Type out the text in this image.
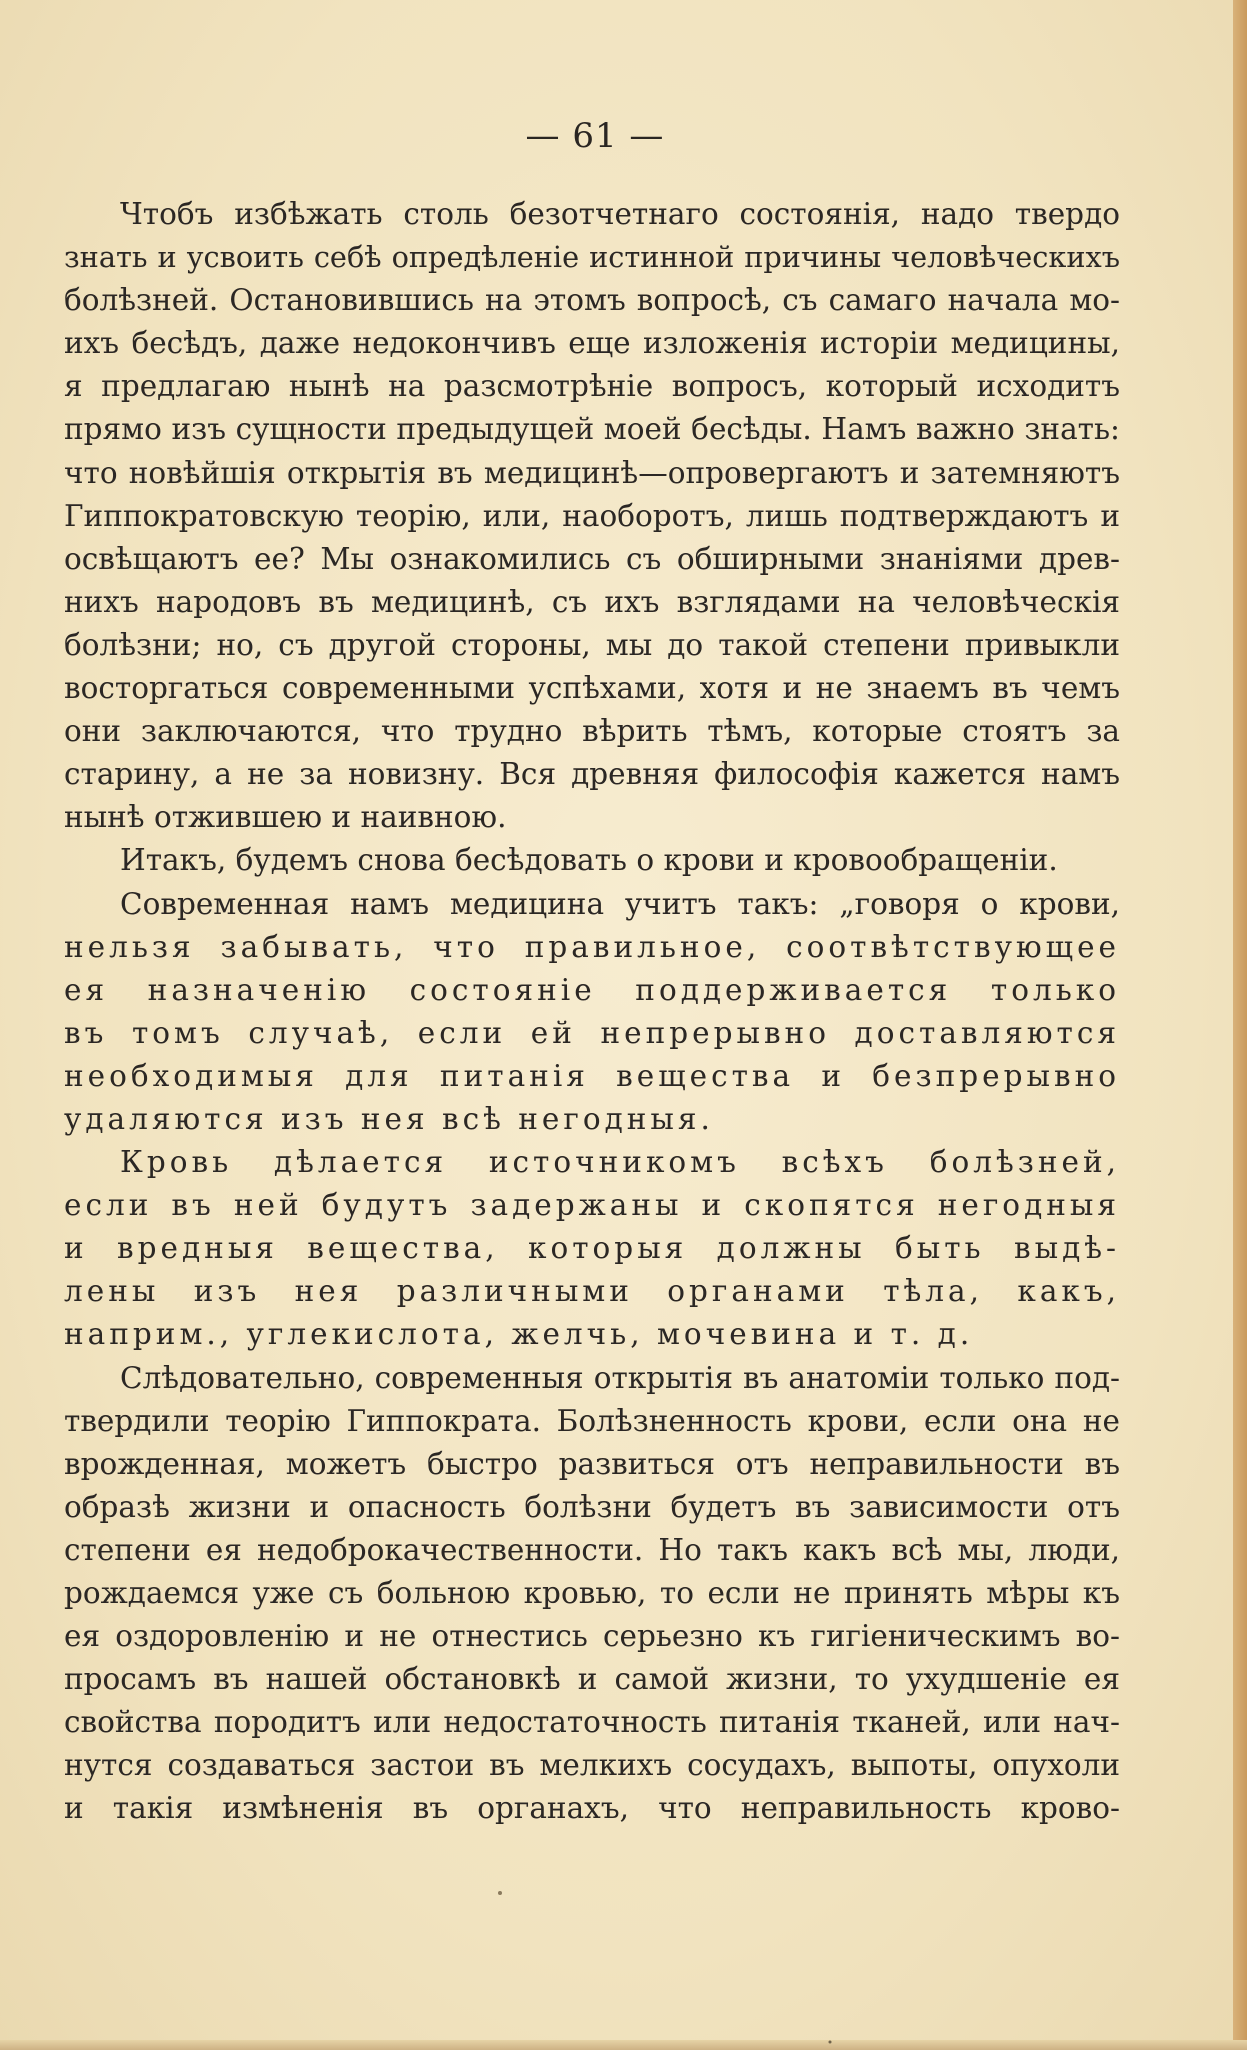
— 61 —
Чтобъ избѣжать столь безотчетнаго состоянія, надо твердо
знать и усвоить себѣ опредѣленіе истинной причины человѣческихъ
болѣзней. Остановившись на этомъ вопросѣ, съ самаго начала мо-
ихъ бесѣдъ, даже недокончивъ еще изложенія исторіи медицины,
я предлагаю нынѣ на разсмотрѣніе вопросъ, который исходитъ
прямо изъ сущности предыдущей моей бесѣды. Намъ важно знать:
что новѣйшія открытія въ медицинѣ—опровергаютъ и затемняютъ
Гиппократовскую теорію, или, наоборотъ, лишь подтверждаютъ и
освѣщаютъ ее? Мы ознакомились съ обширными знаніями древ-
нихъ народовъ въ медицинѣ, съ ихъ взглядами на человѣческія
болѣзни; но, съ другой стороны, мы до такой степени привыкли
восторгаться современными успѣхами, хотя и не знаемъ въ чемъ
они заключаются, что трудно вѣрить тѣмъ, которые стоятъ за
старину, а не за новизну. Вся древняя философія кажется намъ
нынѣ отжившею и наивною.
Итакъ, будемъ снова бесѣдовать о крови и кровообращеніи.
Современная намъ медицина учитъ такъ: „говоря о крови,
нельзя забывать, что правильное, соотвѣтствующее
ея назначенію состояніе поддерживается только
въ томъ случаѣ, если ей непрерывно доставляются
необходимыя для питанія вещества и безпрерывно
удаляются изъ нея всѣ негодныя.
Кровь дѣлается источникомъ всѣхъ болѣзней,
если въ ней будутъ задержаны и скопятся негодныя
и вредныя вещества, которыя должны быть выдѣ-
лены изъ нея различными органами тѣла, какъ,
наприм., углекислота, желчь, мочевина и т. д.
Слѣдовательно, современныя открытія въ анатоміи только под-
твердили теорію Гиппократа. Болѣзненность крови, если она не
врожденная, можетъ быстро развиться отъ неправильности въ
образѣ жизни и опасность болѣзни будетъ въ зависимости отъ
степени ея недоброкачественности. Но такъ какъ всѣ мы, люди,
рождаемся уже съ больною кровью, то если не принять мѣры къ
ея оздоровленію и не отнестись серьезно къ гигіеническимъ во-
просамъ въ нашей обстановкѣ и самой жизни, то ухудшеніе ея
свойства породитъ или недостаточность питанія тканей, или нач-
нутся создаваться застои въ мелкихъ сосудахъ, выпоты, опухоли
и такія измѣненія въ органахъ, что неправильность крово-
